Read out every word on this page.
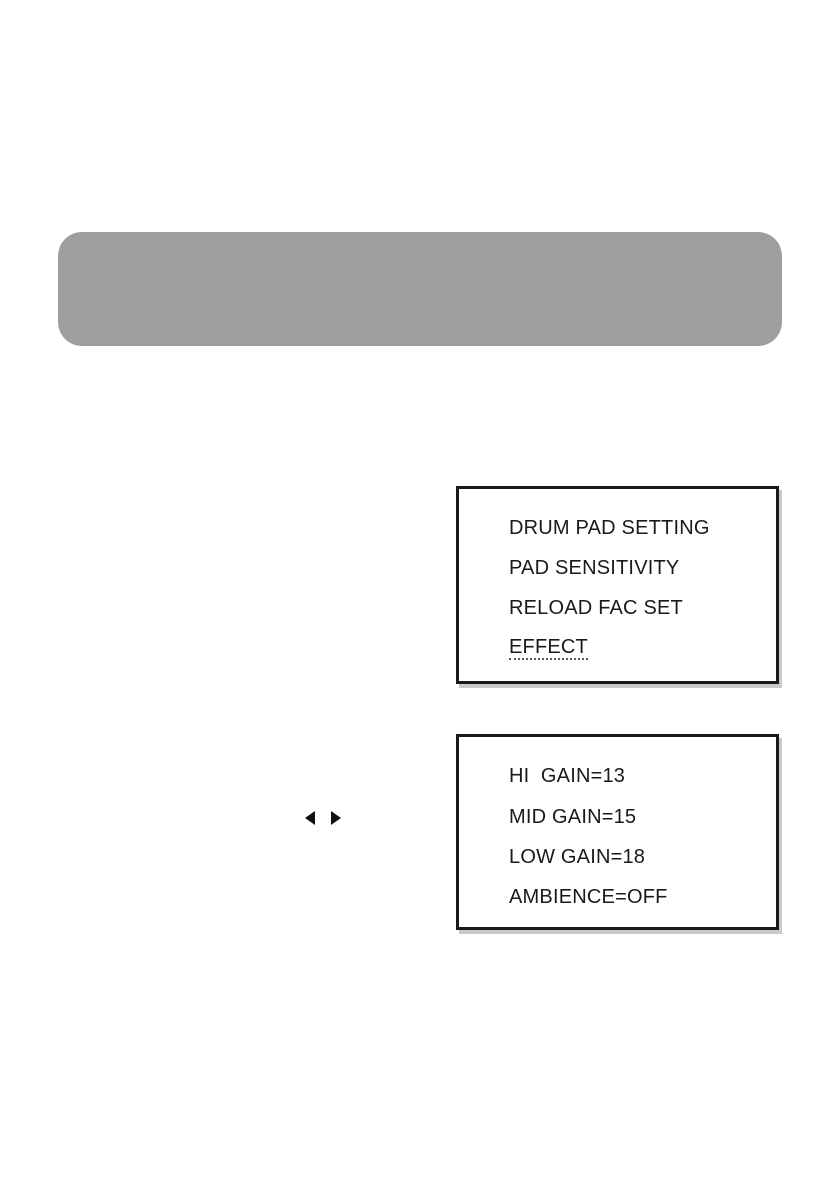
DRUM PAD SETTING
PAD SENSITIVITY
RELOAD FAC SET
EFFECT
HI  GAIN=13
MID GAIN=15
LOW GAIN=18
AMBIENCE=OFF
